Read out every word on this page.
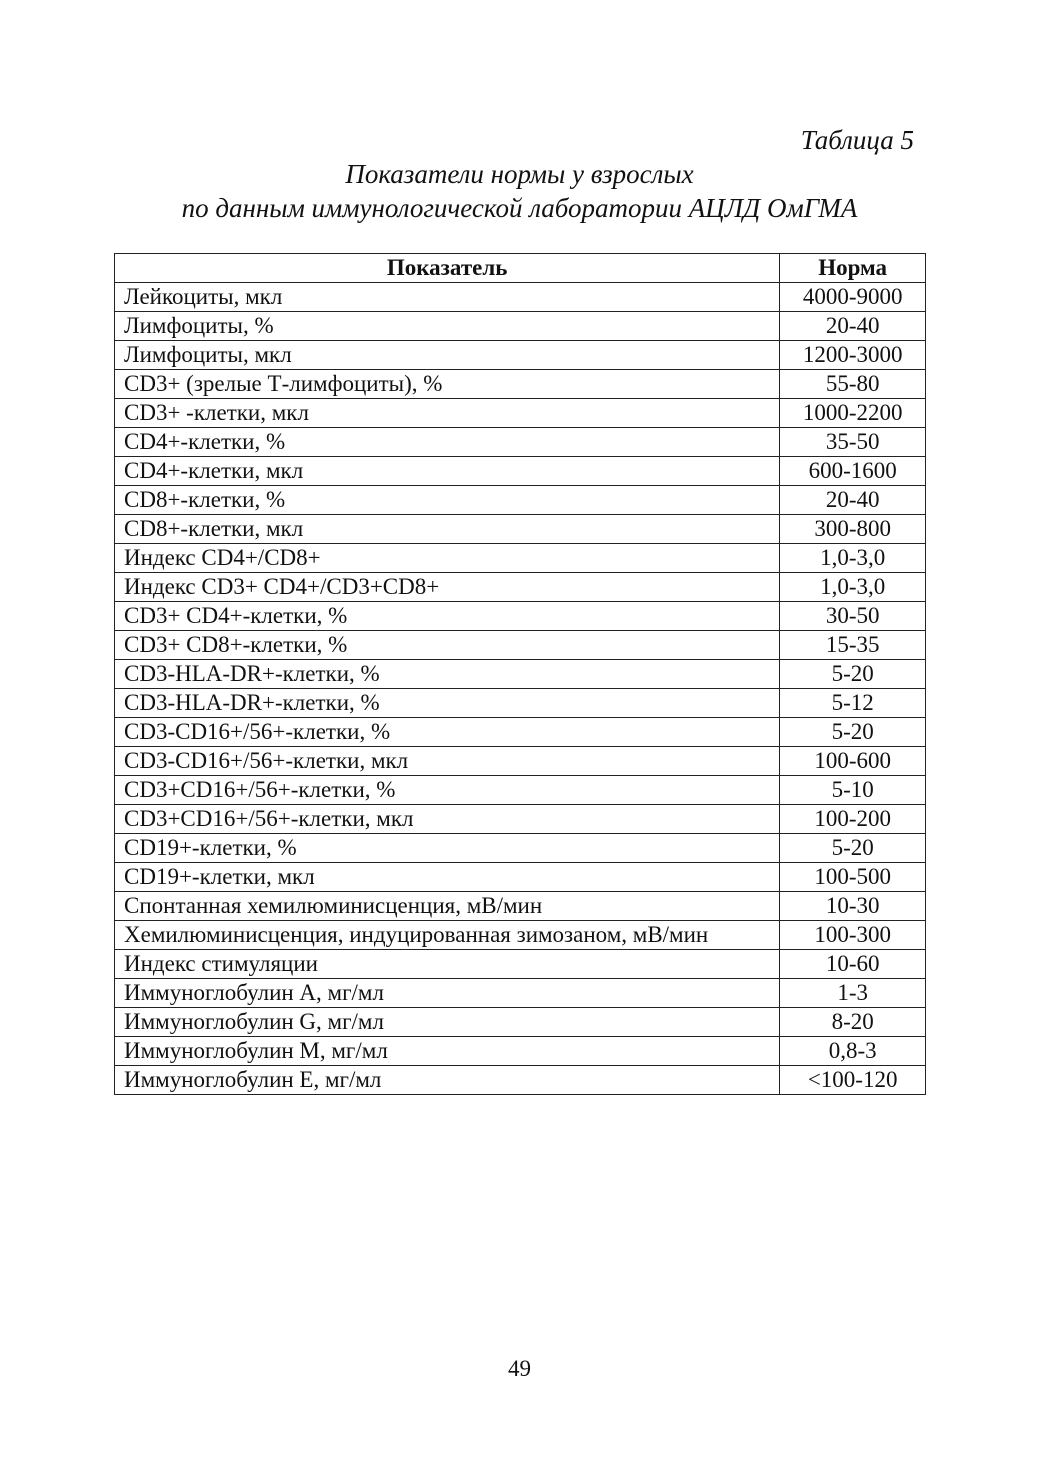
Таблица 5
Показатели нормы у взрослых
по данным иммунологической лаборатории АЦЛД ОмГМА
Показатель	Норма
Лейкоциты, мкл	4000-9000
Лимфоциты, %	20-40
Лимфоциты, мкл	1200-3000
CD3+ (зрелые Т-лимфоциты), %	55-80
CD3+ -клетки, мкл	1000-2200
CD4+-клетки, %	35-50
CD4+-клетки, мкл	600-1600
CD8+-клетки, %	20-40
CD8+-клетки, мкл	300-800
Индекс CD4+/CD8+	1,0-3,0
Индекс CD3+ CD4+/CD3+CD8+	1,0-3,0
CD3+ CD4+-клетки, %	30-50
CD3+ CD8+-клетки, %	15-35
CD3-HLA-DR+-клетки, %	5-20
CD3-HLA-DR+-клетки, %	5-12
CD3-CD16+/56+-клетки, %	5-20
CD3-CD16+/56+-клетки, мкл	100-600
CD3+CD16+/56+-клетки, %	5-10
CD3+CD16+/56+-клетки, мкл	100-200
CD19+-клетки, %	5-20
CD19+-клетки, мкл	100-500
Спонтанная хемилюминисценция, мВ/мин	10-30
Хемилюминисценция, индуцированная зимозаном, мВ/мин	100-300
Индекс стимуляции	10-60
Иммуноглобулин А, мг/мл	1-3
Иммуноглобулин G, мг/мл	8-20
Иммуноглобулин М, мг/мл	0,8-3
Иммуноглобулин Е, мг/мл	<100-120
49
